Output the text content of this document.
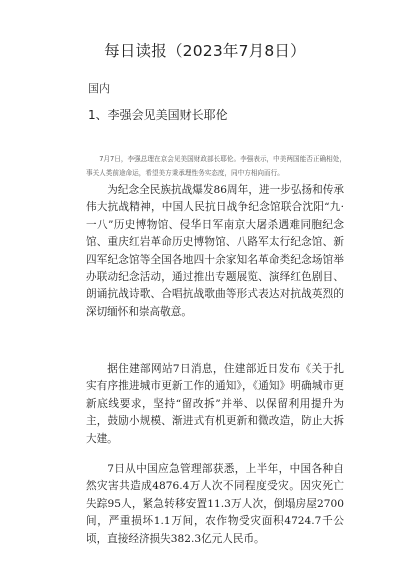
每日读报（2023年7月8日）
国内
1、李强会见美国财长耶伦
7月7日，李强总理在京会见美国财政部长耶伦。李强表示，中美两国能否正确相处，事关人类前途命运，希望美方秉承理性务实态度，同中方相向而行。

为纪念全民族抗战爆发86周年，进一步弘扬和传承伟大抗战精神，中国人民抗日战争纪念馆联合沈阳“九·一八”历史博物馆、侵华日军南京大屠杀遇难同胞纪念馆、重庆红岩革命历史博物馆、八路军太行纪念馆、新四军纪念馆等全国各地四十余家知名革命类纪念场馆举办联动纪念活动，通过推出专题展览、演绎红色剧目、朗诵抗战诗歌、合唱抗战歌曲等形式表达对抗战英烈的深切缅怀和崇高敬意。

据住建部网站7日消息，住建部近日发布《关于扎实有序推进城市更新工作的通知》，《通知》明确城市更新底线要求，坚持“留改拆”并举、以保留利用提升为主，鼓励小规模、渐进式有机更新和微改造，防止大拆大建。

7日从中国应急管理部获悉，上半年，中国各种自然灾害共造成4876.4万人次不同程度受灾。因灾死亡失踪95人，紧急转移安置11.3万人次，倒塌房屋2700间，严重损坏1.1万间，农作物受灾面积4724.7千公顷，直接经济损失382.3亿元人民币。
